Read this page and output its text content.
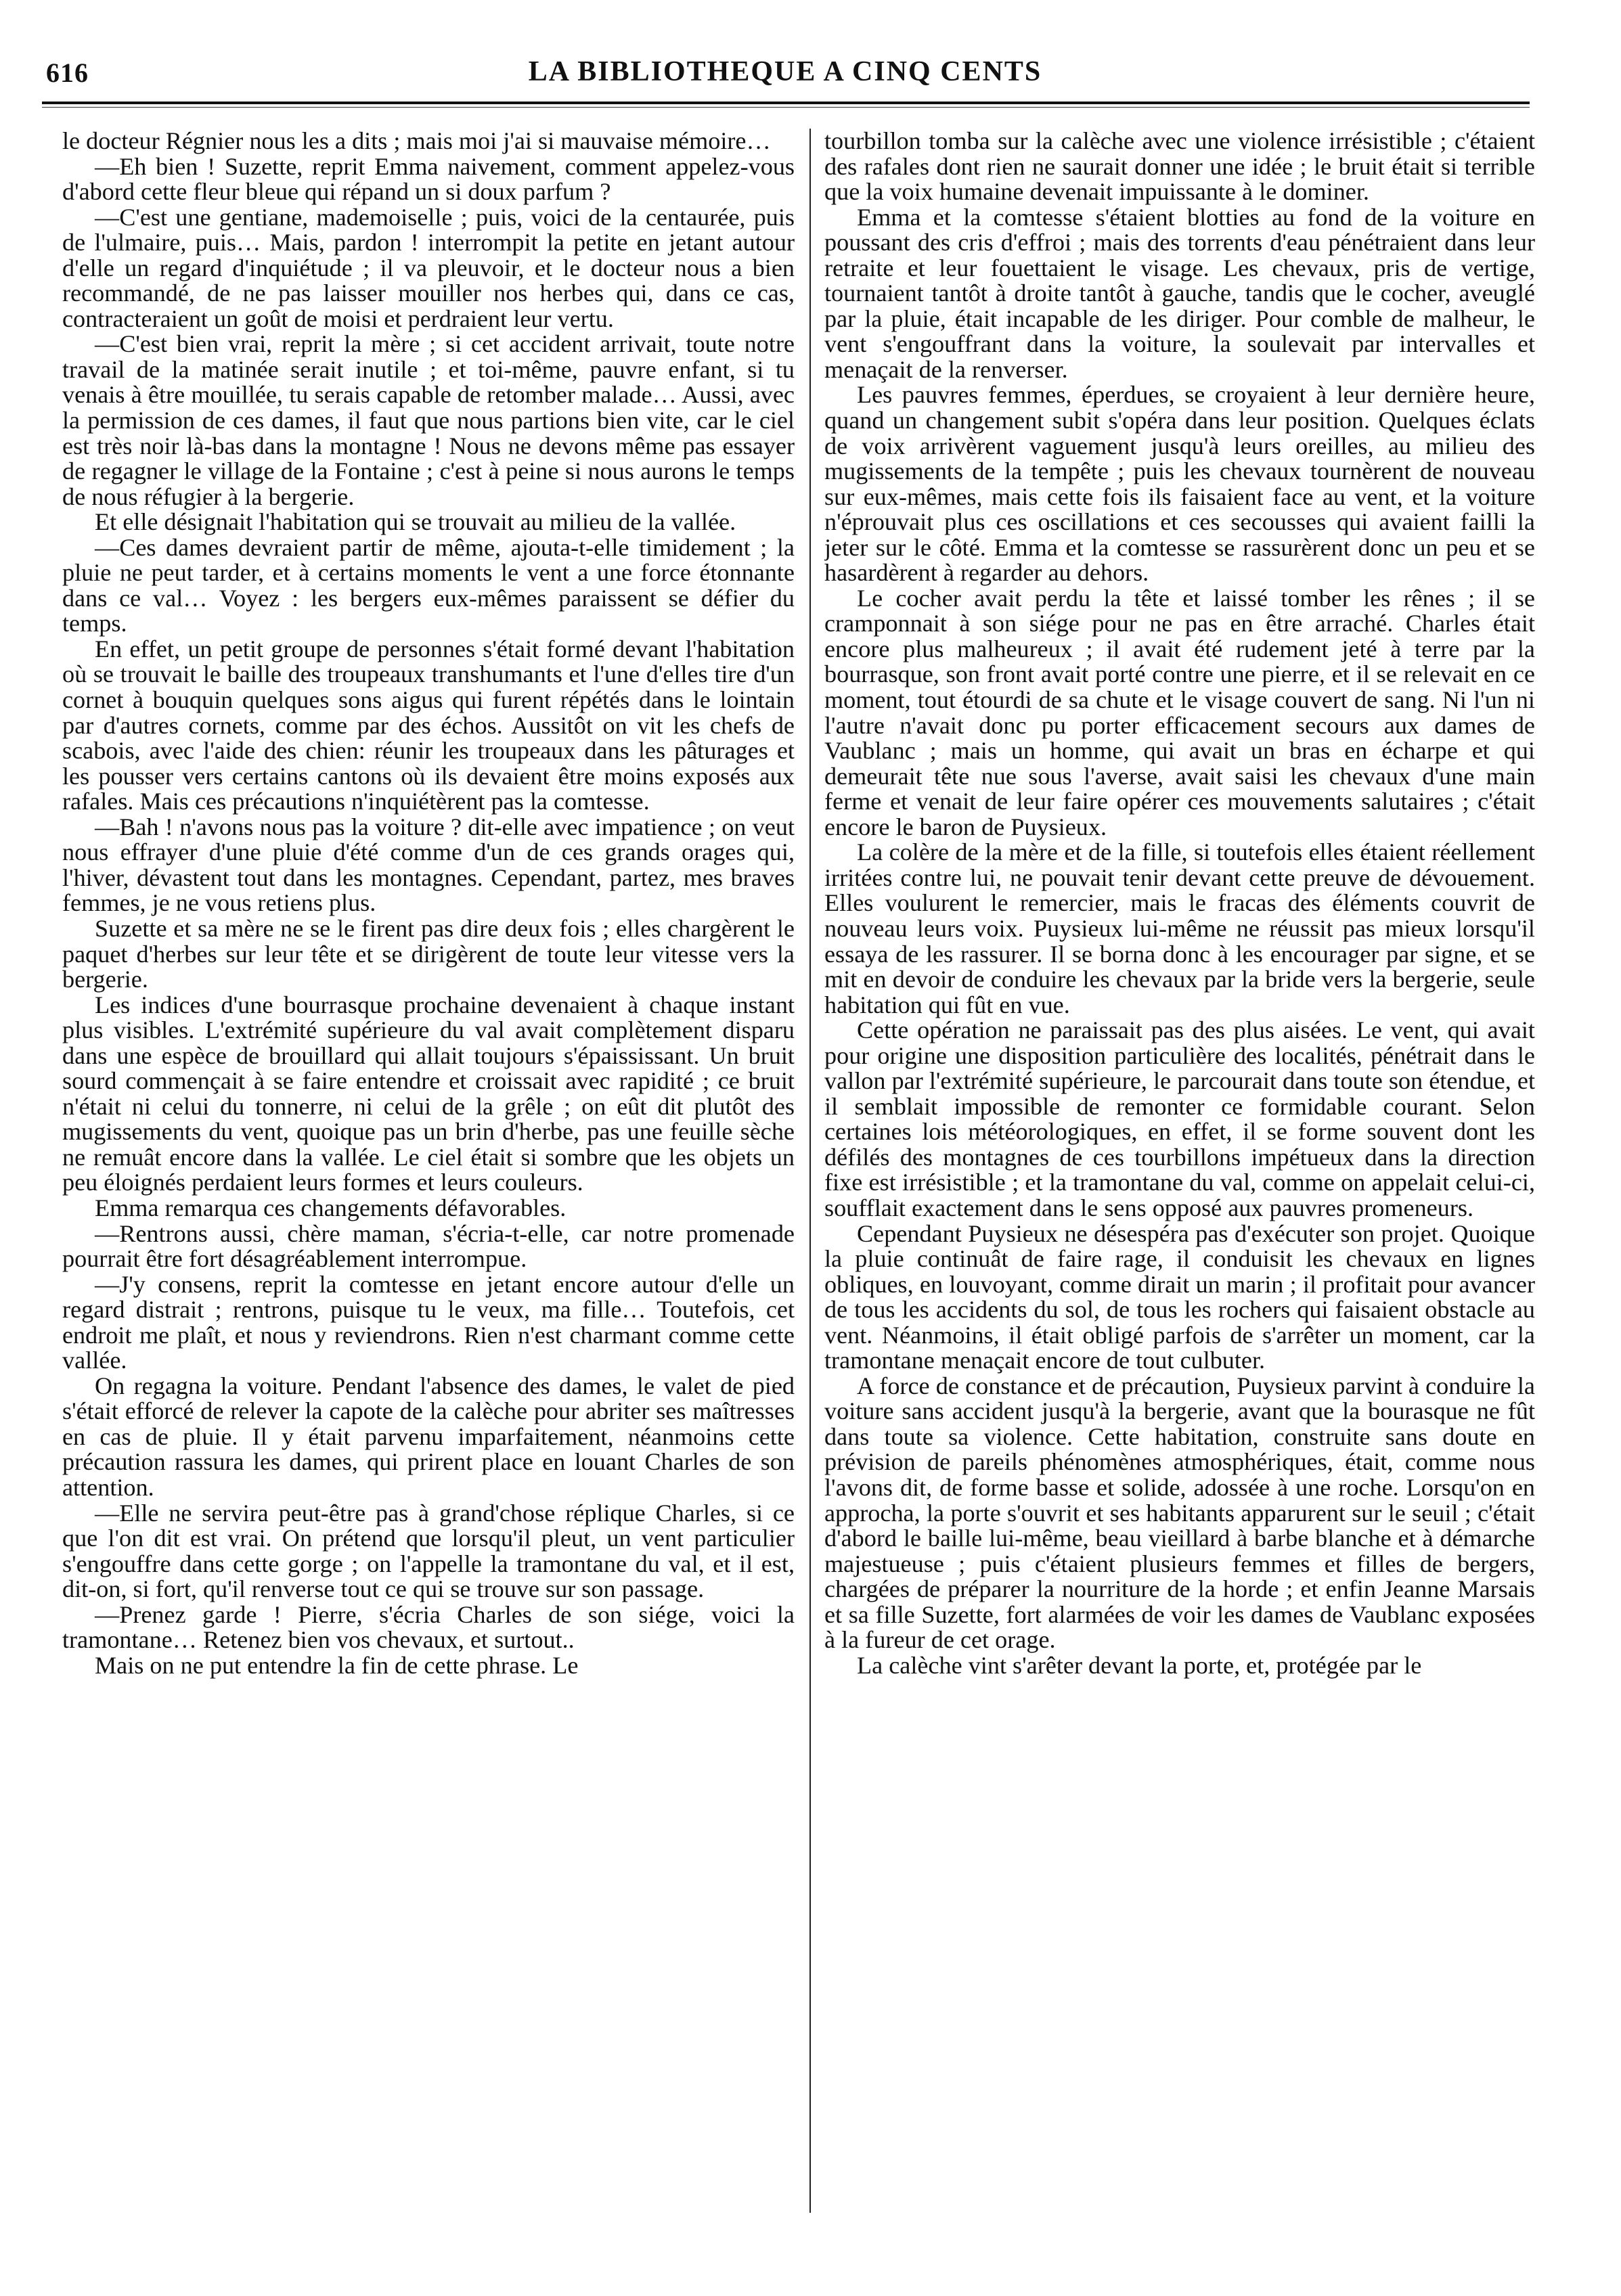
616	LA BIBLIOTHEQUE A CINQ CENTS

le docteur Régnier nous les a dits ; mais moi j'ai si mauvaise mémoire…

—Eh bien ! Suzette, reprit Emma naivement, comment appelez-vous d'abord cette fleur bleue qui répand un si doux parfum ?

—C'est une gentiane, mademoiselle ; puis, voici de la centaurée, puis de l'ulmaire, puis… Mais, pardon ! interrompit la petite en jetant autour d'elle un regard d'inquiétude ; il va pleuvoir, et le docteur nous a bien recommandé, de ne pas laisser mouiller nos herbes qui, dans ce cas, contracteraient un goût de moisi et perdraient leur vertu.

—C'est bien vrai, reprit la mère ; si cet accident arrivait, toute notre travail de la matinée serait inutile ; et toi-même, pauvre enfant, si tu venais à être mouillée, tu serais capable de retomber malade… Aussi, avec la permission de ces dames, il faut que nous partions bien vite, car le ciel est très noir là-bas dans la montagne ! Nous ne devons même pas essayer de regagner le village de la Fontaine ; c'est à peine si nous aurons le temps de nous réfugier à la bergerie.

Et elle désignait l'habitation qui se trouvait au milieu de la vallée.

—Ces dames devraient partir de même, ajouta-t-elle timidement ; la pluie ne peut tarder, et à certains moments le vent a une force étonnante dans ce val… Voyez : les bergers eux-mêmes paraissent se défier du temps.

En effet, un petit groupe de personnes s'était formé devant l'habitation où se trouvait le baille des troupeaux transhumants et l'une d'elles tire d'un cornet à bouquin quelques sons aigus qui furent répétés dans le lointain par d'autres cornets, comme par des échos. Aussitôt on vit les chefs de scabois, avec l'aide des chien: réunir les troupeaux dans les pâturages et les pousser vers certains cantons où ils devaient être moins exposés aux rafales. Mais ces précautions n'inquiétèrent pas la comtesse.

—Bah ! n'avons nous pas la voiture ? dit-elle avec impatience ; on veut nous effrayer d'une pluie d'été comme d'un de ces grands orages qui, l'hiver, dévastent tout dans les montagnes. Cependant, partez, mes braves femmes, je ne vous retiens plus.

Suzette et sa mère ne se le firent pas dire deux fois ; elles chargèrent le paquet d'herbes sur leur tête et se dirigèrent de toute leur vitesse vers la bergerie.

Les indices d'une bourrasque prochaine devenaient à chaque instant plus visibles. L'extrémité supérieure du val avait complètement disparu dans une espèce de brouillard qui allait toujours s'épaississant. Un bruit sourd commençait à se faire entendre et croissait avec rapidité ; ce bruit n'était ni celui du tonnerre, ni celui de la grêle ; on eût dit plutôt des mugissements du vent, quoique pas un brin d'herbe, pas une feuille sèche ne remuât encore dans la vallée. Le ciel était si sombre que les objets un peu éloignés perdaient leurs formes et leurs couleurs.

Emma remarqua ces changements défavorables.

—Rentrons aussi, chère maman, s'écria-t-elle, car notre promenade pourrait être fort désagréablement interrompue.

—J'y consens, reprit la comtesse en jetant encore autour d'elle un regard distrait ; rentrons, puisque tu le veux, ma fille… Toutefois, cet endroit me plaît, et nous y reviendrons. Rien n'est charmant comme cette vallée.

On regagna la voiture. Pendant l'absence des dames, le valet de pied s'était efforcé de relever la capote de la calèche pour abriter ses maîtresses en cas de pluie. Il y était parvenu imparfaitement, néanmoins cette précaution rassura les dames, qui prirent place en louant Charles de son attention.

—Elle ne servira peut-être pas à grand'chose réplique Charles, si ce que l'on dit est vrai. On prétend que lorsqu'il pleut, un vent particulier s'engouffre dans cette gorge ; on l'appelle la tramontane du val, et il est, dit-on, si fort, qu'il renverse tout ce qui se trouve sur son passage.

—Prenez garde ! Pierre, s'écria Charles de son siége, voici la tramontane… Retenez bien vos chevaux, et surtout..

Mais on ne put entendre la fin de cette phrase. Le

tourbillon tomba sur la calèche avec une violence irrésistible ; c'étaient des rafales dont rien ne saurait donner une idée ; le bruit était si terrible que la voix humaine devenait impuissante à le dominer.

Emma et la comtesse s'étaient blotties au fond de la voiture en poussant des cris d'effroi ; mais des torrents d'eau pénétraient dans leur retraite et leur fouettaient le visage. Les chevaux, pris de vertige, tournaient tantôt à droite tantôt à gauche, tandis que le cocher, aveuglé par la pluie, était incapable de les diriger. Pour comble de malheur, le vent s'engouffrant dans la voiture, la soulevait par intervalles et menaçait de la renverser.

Les pauvres femmes, éperdues, se croyaient à leur dernière heure, quand un changement subit s'opéra dans leur position. Quelques éclats de voix arrivèrent vaguement jusqu'à leurs oreilles, au milieu des mugissements de la tempête ; puis les chevaux tournèrent de nouveau sur eux-mêmes, mais cette fois ils faisaient face au vent, et la voiture n'éprouvait plus ces oscillations et ces secousses qui avaient failli la jeter sur le côté. Emma et la comtesse se rassurèrent donc un peu et se hasardèrent à regarder au dehors.

Le cocher avait perdu la tête et laissé tomber les rênes ; il se cramponnait à son siége pour ne pas en être arraché. Charles était encore plus malheureux ; il avait été rudement jeté à terre par la bourrasque, son front avait porté contre une pierre, et il se relevait en ce moment, tout étourdi de sa chute et le visage couvert de sang. Ni l'un ni l'autre n'avait donc pu porter efficacement secours aux dames de Vaublanc ; mais un homme, qui avait un bras en écharpe et qui demeurait tête nue sous l'averse, avait saisi les chevaux d'une main ferme et venait de leur faire opérer ces mouvements salutaires ; c'était encore le baron de Puysieux.

La colère de la mère et de la fille, si toutefois elles étaient réellement irritées contre lui, ne pouvait tenir devant cette preuve de dévouement. Elles voulurent le remercier, mais le fracas des éléments couvrit de nouveau leurs voix. Puysieux lui-même ne réussit pas mieux lorsqu'il essaya de les rassurer. Il se borna donc à les encourager par signe, et se mit en devoir de conduire les chevaux par la bride vers la bergerie, seule habitation qui fût en vue.

Cette opération ne paraissait pas des plus aisées. Le vent, qui avait pour origine une disposition particulière des localités, pénétrait dans le vallon par l'extrémité supérieure, le parcourait dans toute son étendue, et il semblait impossible de remonter ce formidable courant. Selon certaines lois météorologiques, en effet, il se forme souvent dont les défilés des montagnes de ces tourbillons impétueux dans la direction fixe est irrésistible ; et la tramontane du val, comme on appelait celui-ci, soufflait exactement dans le sens opposé aux pauvres promeneurs.

Cependant Puysieux ne désespéra pas d'exécuter son projet. Quoique la pluie continuât de faire rage, il conduisit les chevaux en lignes obliques, en louvoyant, comme dirait un marin ; il profitait pour avancer de tous les accidents du sol, de tous les rochers qui faisaient obstacle au vent. Néanmoins, il était obligé parfois de s'arrêter un moment, car la tramontane menaçait encore de tout culbuter.

A force de constance et de précaution, Puysieux parvint à conduire la voiture sans accident jusqu'à la bergerie, avant que la bourasque ne fût dans toute sa violence. Cette habitation, construite sans doute en prévision de pareils phénomènes atmosphériques, était, comme nous l'avons dit, de forme basse et solide, adossée à une roche. Lorsqu'on en approcha, la porte s'ouvrit et ses habitants apparurent sur le seuil ; c'était d'abord le baille lui-même, beau vieillard à barbe blanche et à démarche majestueuse ; puis c'étaient plusieurs femmes et filles de bergers, chargées de préparer la nourriture de la horde ; et enfin Jeanne Marsais et sa fille Suzette, fort alarmées de voir les dames de Vaublanc exposées à la fureur de cet orage.

La calèche vint s'arêter devant la porte, et, protégée par le
